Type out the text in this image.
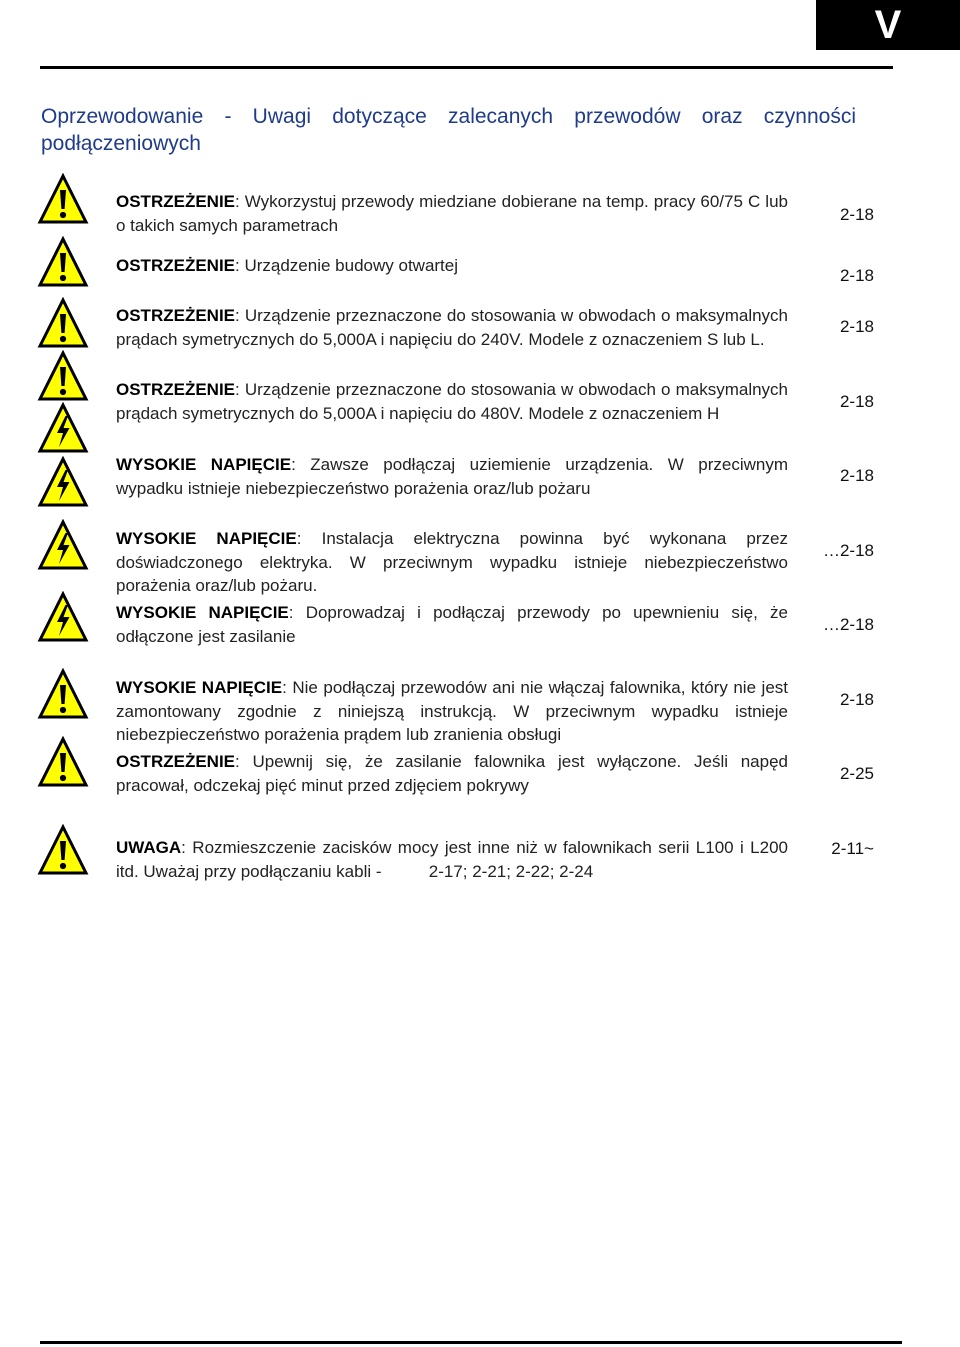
V
Oprzewodowanie - Uwagi dotyczące zalecanych przewodów oraz czynności podłączeniowych
OSTRZEŻENIE: Wykorzystuj przewody miedziane dobierane na temp. pracy 60/75 C lub o takich samych parametrach
OSTRZEŻENIE: Urządzenie budowy otwartej
OSTRZEŻENIE: Urządzenie przeznaczone do stosowania w obwodach o maksymalnych prądach symetrycznych do 5,000A i napięciu do 240V. Modele z oznaczeniem S lub L.
OSTRZEŻENIE: Urządzenie przeznaczone do stosowania w obwodach o maksymalnych prądach symetrycznych do 5,000A i napięciu do 480V. Modele z oznaczeniem H
WYSOKIE NAPIĘCIE: Zawsze podłączaj uziemienie urządzenia. W przeciwnym wypadku istnieje niebezpieczeństwo porażenia oraz/lub pożaru
WYSOKIE NAPIĘCIE: Instalacja elektryczna powinna być wykonana przez doświadczonego elektryka. W przeciwnym wypadku istnieje niebezpieczeństwo porażenia oraz/lub pożaru.
WYSOKIE NAPIĘCIE: Doprowadzaj i podłączaj przewody po upewnieniu się, że odłączone jest zasilanie
WYSOKIE NAPIĘCIE: Nie podłączaj przewodów ani nie włączaj falownika, który nie jest zamontowany zgodnie z niniejszą instrukcją. W przeciwnym wypadku istnieje niebezpieczeństwo porażenia prądem lub zranienia obsługi
OSTRZEŻENIE: Upewnij się, że zasilanie falownika jest wyłączone. Jeśli napęd pracował, odczekaj pięć minut przed zdjęciem pokrywy
UWAGA: Rozmieszczenie zacisków mocy jest inne niż w falownikach serii L100 i L200 itd. Uważaj przy podłączaniu kabli -          2-17; 2-21; 2-22; 2-24
2-18
2-18
2-18
2-18
2-18
…2-18
…2-18
2-18
2-25
2-11~
